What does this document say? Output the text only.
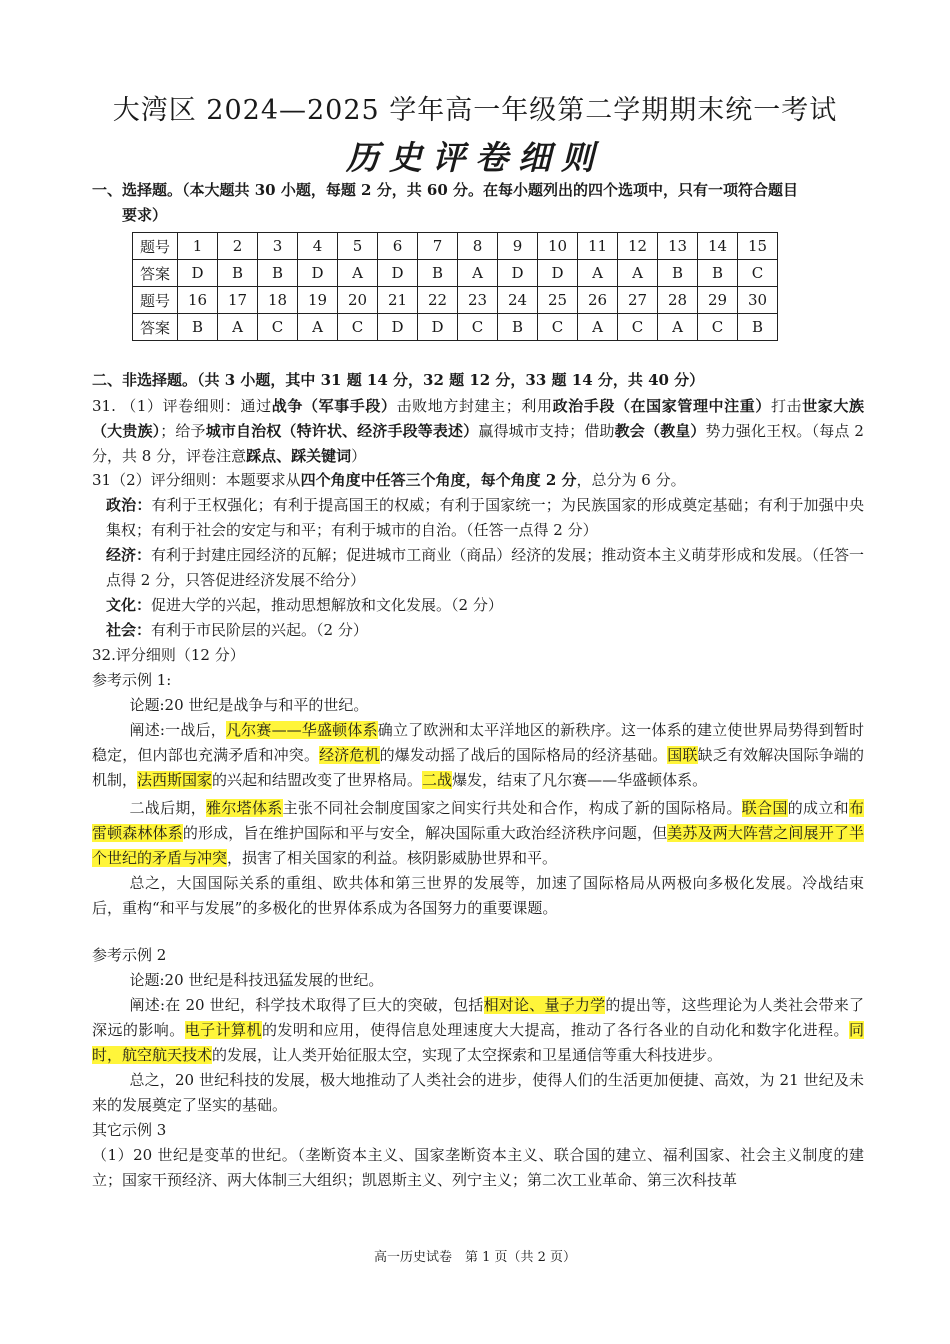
大湾区 2024—2025 学年高一年级第二学期期末统一考试
历史评卷细则
一、选择题。（本大题共 30 小题，每题 2 分，共 60 分。在每小题列出的四个选项中，只有一项符合题目
要求）
题号	1	2	3	4	5	6	7	8	9	10	11	12	13	14	15
答案	D	B	B	D	A	D	B	A	D	D	A	A	B	B	C
题号	16	17	18	19	20	21	22	23	24	25	26	27	28	29	30
答案	B	A	C	A	C	D	D	C	B	C	A	C	A	C	B
二、非选择题。（共 3 小题，其中 31 题 14 分，32 题 12 分，33 题 14 分，共 40 分）
31. （1）评卷细则：通过战争（军事手段）击败地方封建主；利用政治手段（在国家管理中注重）打击世家大族（大贵族）；给予城市自治权（特许状、经济手段等表述）赢得城市支持；借助教会（教皇）势力强化王权。（每点 2 分，共 8 分，评卷注意踩点、踩关键词）
31（2）评分细则：本题要求从四个角度中任答三个角度，每个角度 2 分，总分为 6 分。
政治：有利于王权强化；有利于提高国王的权威；有利于国家统一；为民族国家的形成奠定基础；有利于加强中央集权；有利于社会的安定与和平；有利于城市的自治。（任答一点得 2 分）
经济：有利于封建庄园经济的瓦解；促进城市工商业（商品）经济的发展；推动资本主义萌芽形成和发展。（任答一点得 2 分，只答促进经济发展不给分）
文化：促进大学的兴起，推动思想解放和文化发展。（2 分）
社会：有利于市民阶层的兴起。（2 分）
32.评分细则（12 分）
参考示例 1:
论题:20 世纪是战争与和平的世纪。
阐述:一战后，凡尔赛——华盛顿体系确立了欧洲和太平洋地区的新秩序。这一体系的建立使世界局势得到暂时稳定，但内部也充满矛盾和冲突。经济危机的爆发动摇了战后的国际格局的经济基础。国联缺乏有效解决国际争端的机制，法西斯国家的兴起和结盟改变了世界格局。二战爆发，结束了凡尔赛——华盛顿体系。
二战后期，雅尔塔体系主张不同社会制度国家之间实行共处和合作，构成了新的国际格局。联合国的成立和布雷顿森林体系的形成，旨在维护国际和平与安全，解决国际重大政治经济秩序问题，但美苏及两大阵营之间展开了半个世纪的矛盾与冲突，损害了相关国家的利益。核阴影威胁世界和平。
总之，大国国际关系的重组、欧共体和第三世界的发展等，加速了国际格局从两极向多极化发展。冷战结束后，重构“和平与发展”的多极化的世界体系成为各国努力的重要课题。
参考示例 2
论题:20 世纪是科技迅猛发展的世纪。
阐述:在 20 世纪，科学技术取得了巨大的突破，包括相对论、量子力学的提出等，这些理论为人类社会带来了深远的影响。电子计算机的发明和应用，使得信息处理速度大大提高，推动了各行各业的自动化和数字化进程。同时，航空航天技术的发展，让人类开始征服太空，实现了太空探索和卫星通信等重大科技进步。
总之，20 世纪科技的发展，极大地推动了人类社会的进步，使得人们的生活更加便捷、高效，为 21 世纪及未来的发展奠定了坚实的基础。
其它示例 3
（1）20 世纪是变革的世纪。（垄断资本主义、国家垄断资本主义、联合国的建立、福利国家、社会主义制度的建立；国家干预经济、两大体制三大组织；凯恩斯主义、列宁主义；第二次工业革命、第三次科技革
高一历史试卷　第 1 页（共 2 页）
